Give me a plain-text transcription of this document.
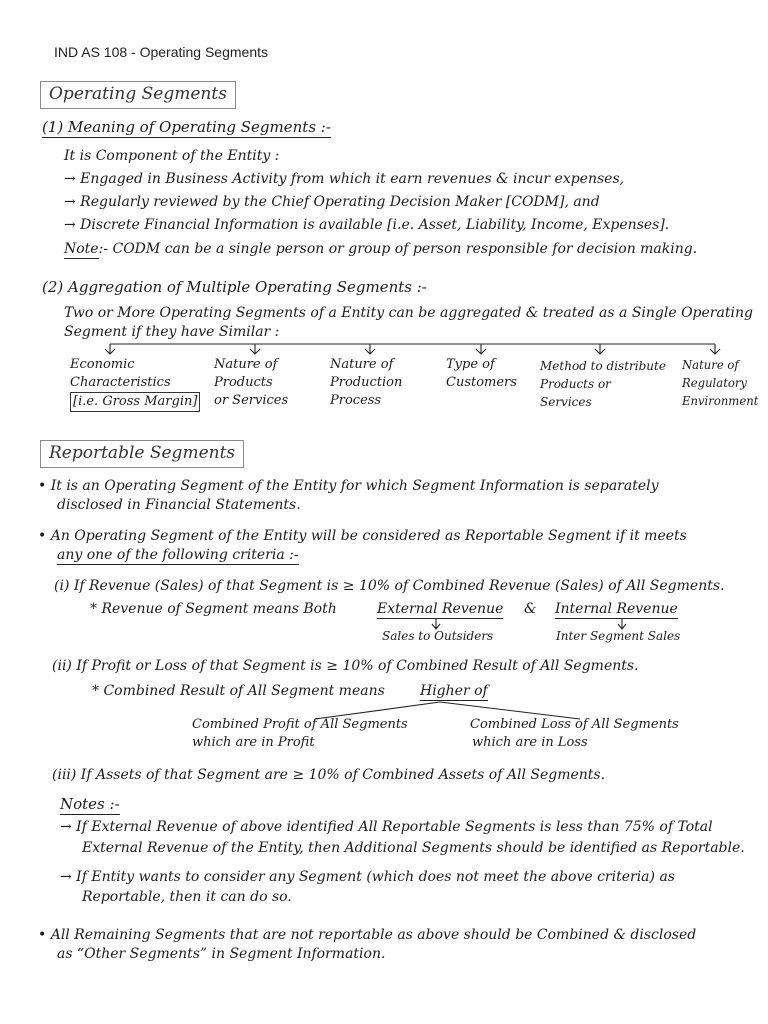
IND AS 108 - Operating Segments
Operating Segments
(1) Meaning of Operating Segments :-
It is Component of the Entity :
→ Engaged in Business Activity from which it earn revenues & incur expenses,
→ Regularly reviewed by the Chief Operating Decision Maker [CODM], and
→ Discrete Financial Information is available [i.e. Asset, Liability, Income, Expenses].
Note:- CODM can be a single person or group of person responsible for decision making.
(2) Aggregation of Multiple Operating Segments :-
Two or More Operating Segments of a Entity can be aggregated & treated as a Single Operating
Segment if they have Similar :
Economic
Characteristics
[i.e. Gross Margin]
Nature of
Products
or Services
Nature of
Production
Process
Type of
Customers
Method to distribute
Products or
Services
Nature of
Regulatory
Environment
Reportable Segments
• It is an Operating Segment of the Entity for which Segment Information is separately
disclosed in Financial Statements.
• An Operating Segment of the Entity will be considered as Reportable Segment if it meets
any one of the following criteria :-
(i) If Revenue (Sales) of that Segment is ≥ 10% of Combined Revenue (Sales) of All Segments.
* Revenue of Segment means Both	External Revenue & Internal Revenue
Sales to Outsiders	Inter Segment Sales
(ii) If Profit or Loss of that Segment is ≥ 10% of Combined Result of All Segments.
* Combined Result of All Segment means	Higher of
Combined Profit of All Segments
which are in Profit
Combined Loss of All Segments
which are in Loss
(iii) If Assets of that Segment are ≥ 10% of Combined Assets of All Segments.
Notes :-
→ If External Revenue of above identified All Reportable Segments is less than 75% of Total
External Revenue of the Entity, then Additional Segments should be identified as Reportable.
→ If Entity wants to consider any Segment (which does not meet the above criteria) as
Reportable, then it can do so.
• All Remaining Segments that are not reportable as above should be Combined & disclosed
as “Other Segments” in Segment Information.
